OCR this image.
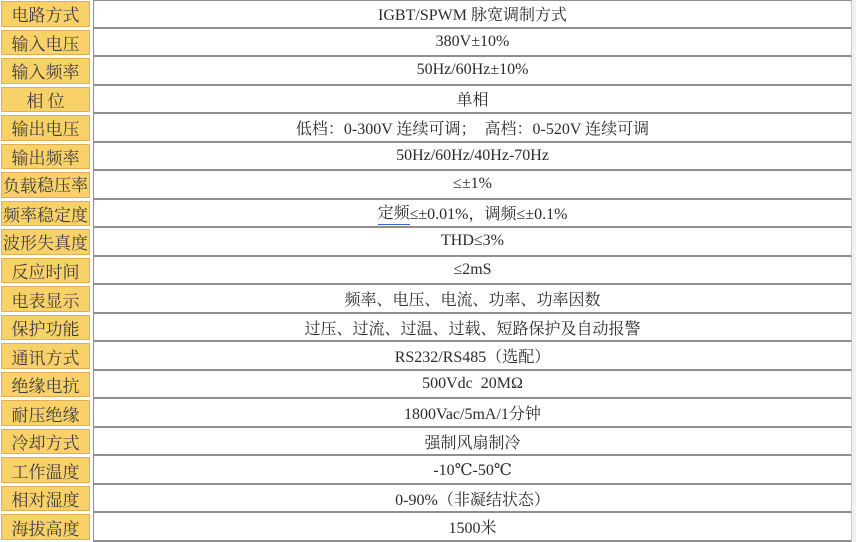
电路方式	IGBT/SPWM 脉宽调制方式
输入电压	380V±10%
输入频率	50Hz/60Hz±10%
相 位	单相
输出电压	低档：0-300V 连续可调；  高档：0-520V 连续可调
输出频率	50Hz/60Hz/40Hz-70Hz
负载 稳压率	≤±1%
频率稳定度	定频 ≤±0.01%，调频≤±0.1%
波形失真度	THD≤3%
反应时间	≤2mS
电表显示	频率、电压、电流、功率、功率因数
保护功能	过压、过流、过温、过载、短路保护及自动报警
通讯方式	RS232/RS485（选配）
绝缘电抗	500Vdc  20MΩ
耐压绝缘	1800Vac/5mA/1分钟
冷却方式	强制风扇制冷
工作温度	-10℃-50℃
相对湿度	0-90%（非凝结状态）
海拔高度	1500米
